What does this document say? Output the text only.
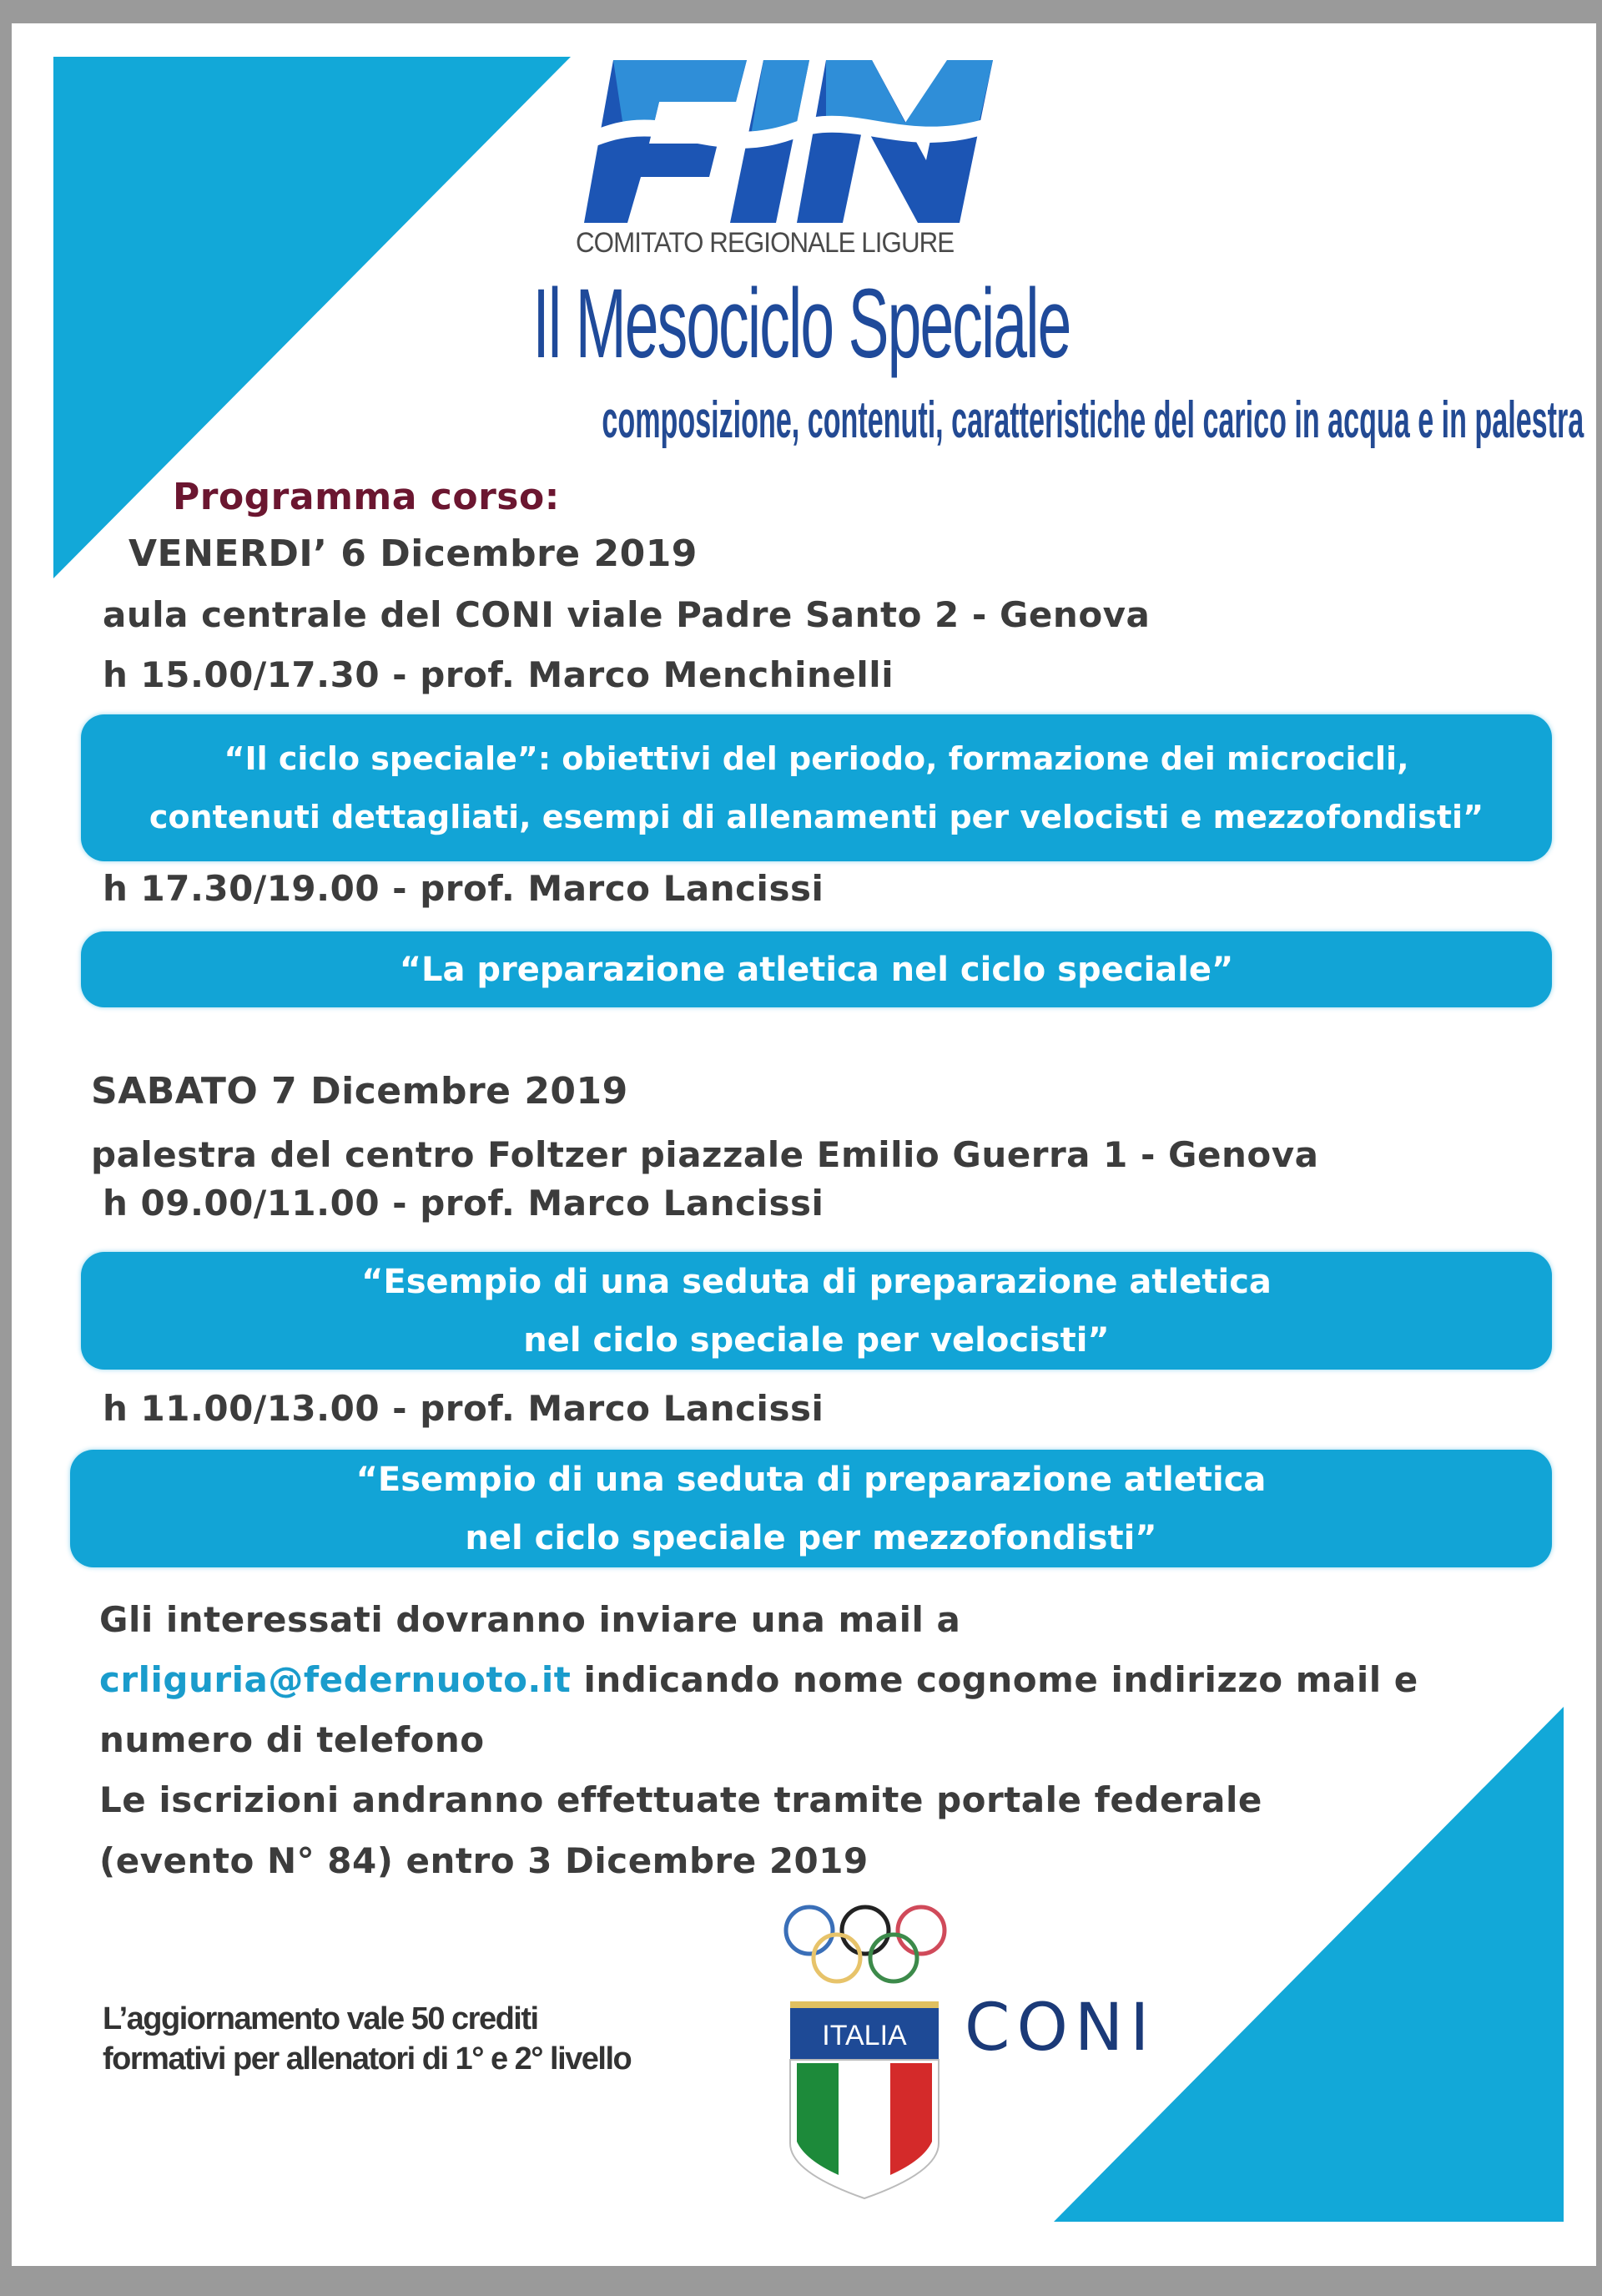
COMITATO REGIONALE LIGURE
Il Mesociclo Speciale
composizione, contenuti, caratteristiche del carico in acqua e in palestra
Programma corso:
VENERDI’ 6 Dicembre 2019
aula centrale del CONI viale Padre Santo 2 - Genova
h 15.00/17.30 - prof. Marco Menchinelli
“Il ciclo speciale”: obiettivi del periodo, formazione dei microcicli,
contenuti dettagliati, esempi di allenamenti per velocisti e mezzofondisti”
h 17.30/19.00 - prof. Marco Lancissi
“La preparazione atletica nel ciclo speciale”
SABATO 7 Dicembre 2019
palestra del centro Foltzer piazzale Emilio Guerra 1 - Genova
h 09.00/11.00 - prof. Marco Lancissi
“Esempio di una seduta di preparazione atletica
nel ciclo speciale per velocisti”
h 11.00/13.00 - prof. Marco Lancissi
“Esempio di una seduta di preparazione atletica
nel ciclo speciale per mezzofondisti”
Gli interessati dovranno inviare una mail a
crliguria@federnuoto.it indicando nome cognome indirizzo mail e
numero di telefono
Le iscrizioni andranno effettuate tramite portale federale
(evento N° 84) entro 3 Dicembre 2019
L’aggiornamento vale 50 crediti
formativi per allenatori di 1° e 2° livello
ITALIA CONI
